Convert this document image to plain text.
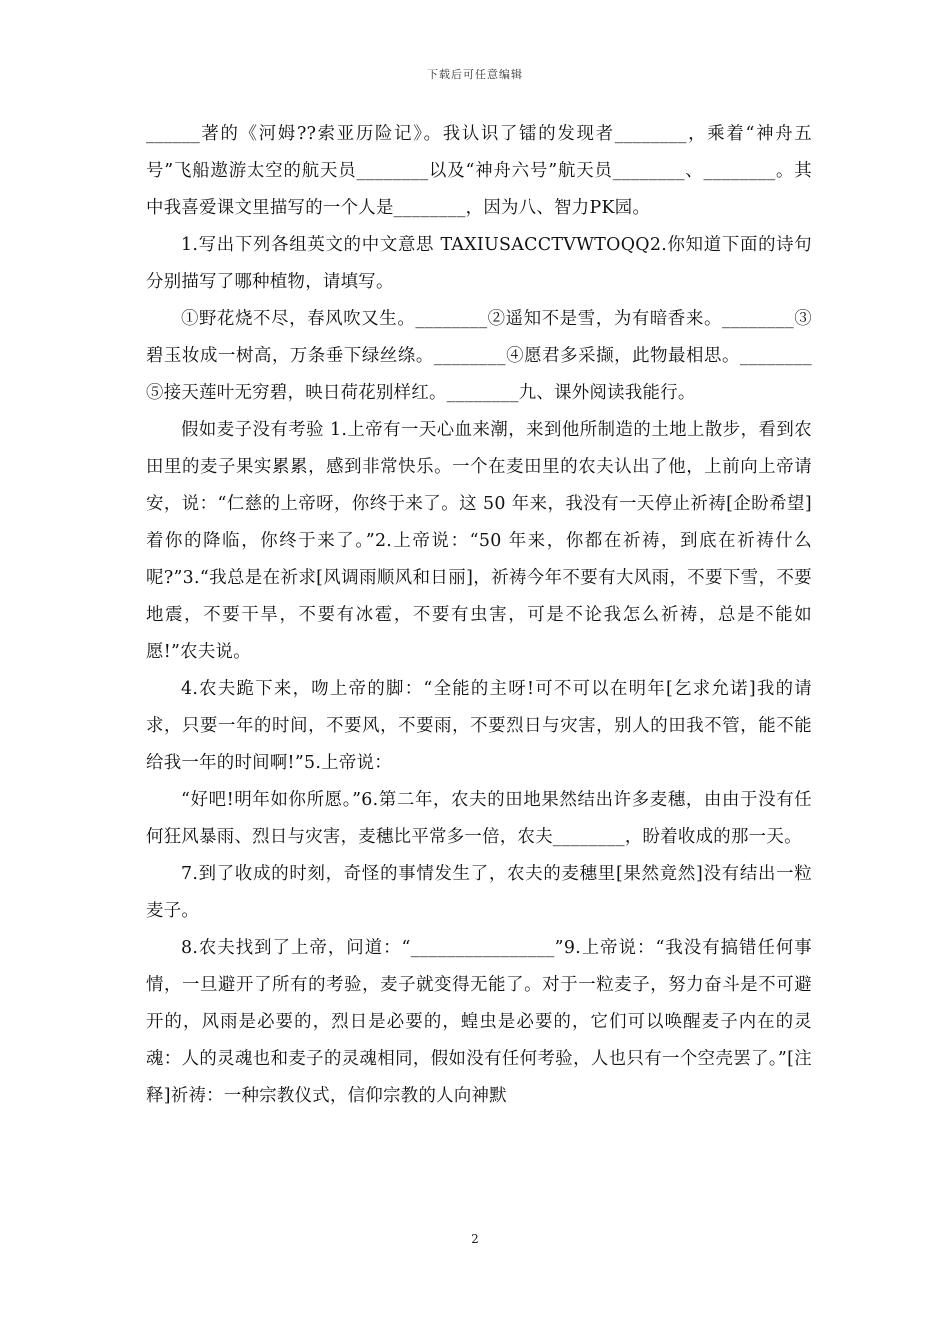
下载后可任意编辑

______著的《河姆??索亚历险记》。我认识了镭的发现者________，乘着“神舟五号”飞船遨游太空的航天员________以及“神舟六号”航天员________、________。其中我喜爱课文里描写的一个人是________，因为八、智力PK园。

1.写出下列各组英文的中文意思 TAXIUSACCTVWTOQQ2.你知道下面的诗句分别描写了哪种植物，请填写。

①野花烧不尽，春风吹又生。________②遥知不是雪，为有暗香来。________③碧玉妆成一树高，万条垂下绿丝绦。________④愿君多采撷，此物最相思。________⑤接天莲叶无穷碧，映日荷花别样红。________九、课外阅读我能行。

假如麦子没有考验 1.上帝有一天心血来潮，来到他所制造的土地上散步，看到农田里的麦子果实累累，感到非常快乐。一个在麦田里的农夫认出了他，上前向上帝请安，说：“仁慈的上帝呀，你终于来了。这 50 年来，我没有一天停止祈祷[企盼希望]着你的降临，你终于来了。”2.上帝说：“50 年来，你都在祈祷，到底在祈祷什么呢?”3.“我总是在祈求[风调雨顺风和日丽]，祈祷今年不要有大风雨，不要下雪，不要地震，不要干旱，不要有冰雹，不要有虫害，可是不论我怎么祈祷，总是不能如愿!”农夫说。

4.农夫跪下来，吻上帝的脚：“全能的主呀!可不可以在明年[乞求允诺]我的请求，只要一年的时间，不要风，不要雨，不要烈日与灾害，别人的田我不管，能不能给我一年的时间啊!”5.上帝说：

“好吧!明年如你所愿。”6.第二年，农夫的田地果然结出许多麦穗，由由于没有任何狂风暴雨、烈日与灾害，麦穗比平常多一倍，农夫________，盼着收成的那一天。

7.到了收成的时刻，奇怪的事情发生了，农夫的麦穗里[果然竟然]没有结出一粒麦子。

8.农夫找到了上帝，问道：“________________”9.上帝说：“我没有搞错任何事情，一旦避开了所有的考验，麦子就变得无能了。对于一粒麦子，努力奋斗是不可避开的，风雨是必要的，烈日是必要的，蝗虫是必要的，它们可以唤醒麦子内在的灵魂：人的灵魂也和麦子的灵魂相同，假如没有任何考验，人也只有一个空壳罢了。”[注释]祈祷：一种宗教仪式，信仰宗教的人向神默

2
